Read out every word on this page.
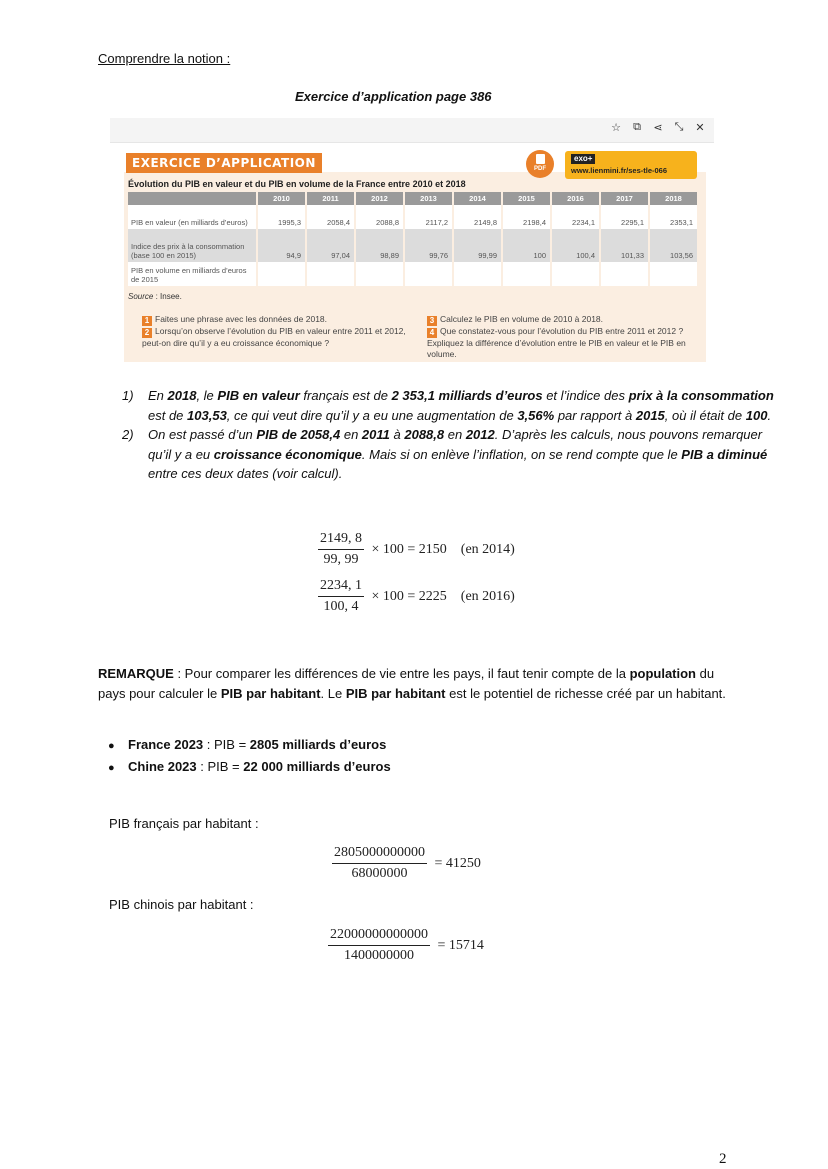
Comprendre la notion :
Exercice d’application page 386
☆ ⧉ ⋖ ⤡ ✕
EXERCICE D’APPLICATION	PDF
exo+
www.lienmini.fr/ses-tle-066
Évolution du PIB en valeur et du PIB en volume de la France entre 2010 et 2018
	2010	2011	2012	2013	2014	2015	2016	2017	2018
PIB en valeur (en milliards d’euros)	1995,3	2058,4	2088,8	2117,2	2149,8	2198,4	2234,1	2295,1	2353,1
Indice des prix à la consommation (base 100 en 2015)	94,9	97,04	98,89	99,76	99,99	100	100,4	101,33	103,56
PIB en volume en milliards d’euros de 2015									
Source : Insee.
1 Faites une phrase avec les données de 2018.
2 Lorsqu’on observe l’évolution du PIB en valeur entre 2011 et 2012, peut-on dire qu’il y a eu croissance économique ?
3 Calculez le PIB en volume de 2010 à 2018.
4 Que constatez-vous pour l’évolution du PIB entre 2011 et 2012 ? Expliquez la différence d’évolution entre le PIB en valeur et le PIB en volume.
1) En 2018, le PIB en valeur français est de 2 353,1 milliards d’euros et l’indice des prix à la consommation est de 103,53, ce qui veut dire qu’il y a eu une augmentation de 3,56% par rapport à 2015, où il était de 100.
2) On est passé d’un PIB de 2058,4 en 2011 à 2088,8 en 2012. D’après les calculs, nous pouvons remarquer qu’il y a eu croissance économique. Mais si on enlève l’inflation, on se rend compte que le PIB a diminué entre ces deux dates (voir calcul).
$\frac{2149, 8}{99, 99} \times 100 = 2150$    (en 2014)
$\frac{2234, 1}{100, 4} \times 100 = 2225$    (en 2016)
REMARQUE : Pour comparer les différences de vie entre les pays, il faut tenir compte de la population du pays pour calculer le PIB par habitant. Le PIB par habitant est le potentiel de richesse créé par un habitant.
● France 2023 : PIB = 2805 milliards d’euros
● Chine 2023 : PIB = 22 000 milliards d’euros
PIB français par habitant :
$\frac{2805000000000}{68000000} = 41250$
PIB chinois par habitant :
$\frac{22000000000000}{1400000000} = 15714$
2
